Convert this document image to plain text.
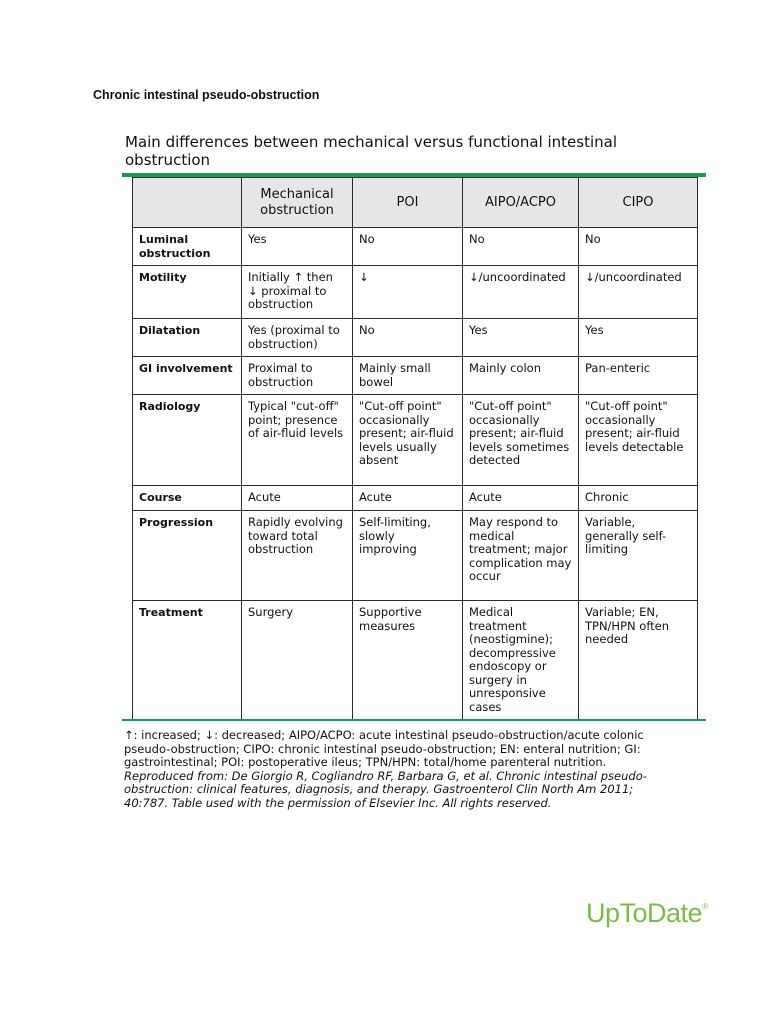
Chronic intestinal pseudo-obstruction
Main differences between mechanical versus functional intestinal obstruction
	Mechanical obstruction	POI	AIPO/ACPO	CIPO
Luminal obstruction	Yes	No	No	No
Motility	Initially ↑ then ↓ proximal to obstruction	↓	↓/uncoordinated	↓/uncoordinated
Dilatation	Yes (proximal to obstruction)	No	Yes	Yes
GI involvement	Proximal to obstruction	Mainly small bowel	Mainly colon	Pan-enteric
Radiology	Typical "cut-off" point; presence of air-fluid levels	"Cut-off point" occasionally present; air-fluid levels usually absent	"Cut-off point" occasionally present; air-fluid levels sometimes detected	"Cut-off point" occasionally present; air-fluid levels detectable
Course	Acute	Acute	Acute	Chronic
Progression	Rapidly evolving toward total obstruction	Self-limiting, slowly improving	May respond to medical treatment; major complication may occur	Variable, generally self-limiting
Treatment	Surgery	Supportive measures	Medical treatment (neostigmine); decompressive endoscopy or surgery in unresponsive cases	Variable; EN, TPN/HPN often needed
↑: increased; ↓: decreased; AIPO/ACPO: acute intestinal pseudo-obstruction/acute colonic pseudo-obstruction; CIPO: chronic intestinal pseudo-obstruction; EN: enteral nutrition; GI: gastrointestinal; POI: postoperative ileus; TPN/HPN: total/home parenteral nutrition.
Reproduced from: De Giorgio R, Cogliandro RF, Barbara G, et al. Chronic intestinal pseudo-obstruction: clinical features, diagnosis, and therapy. Gastroenterol Clin North Am 2011; 40:787. Table used with the permission of Elsevier Inc. All rights reserved.
UpToDate®
